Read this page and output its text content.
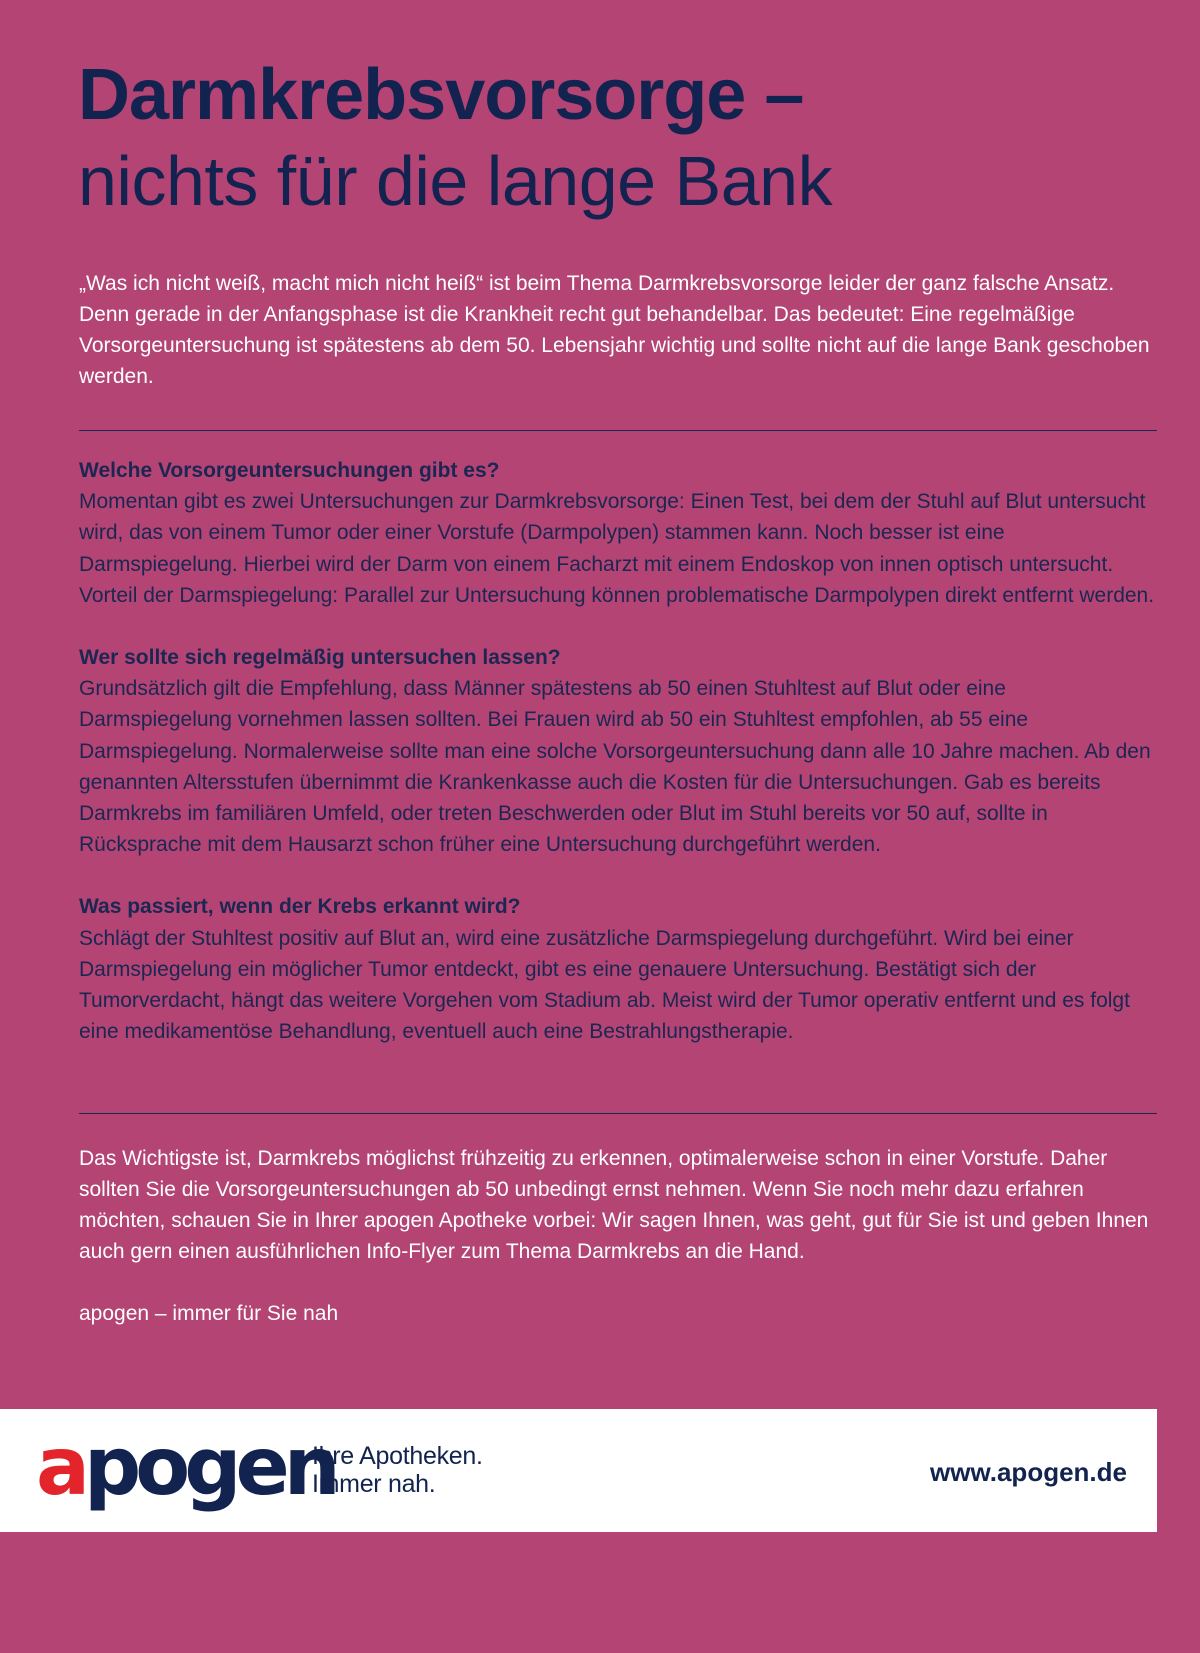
Darmkrebsvorsorge –
nichts für die lange Bank

„Was ich nicht weiß, macht mich nicht heiß“ ist beim Thema Darmkrebsvorsorge leider der ganz falsche Ansatz. Denn gerade in der Anfangsphase ist die Krankheit recht gut behandelbar. Das bedeutet: Eine regelmäßige Vorsorgeuntersuchung ist spätestens ab dem 50. Lebensjahr wichtig und sollte nicht auf die lange Bank geschoben werden.

Welche Vorsorgeuntersuchungen gibt es?

Momentan gibt es zwei Untersuchungen zur Darmkrebsvorsorge: Einen Test, bei dem der Stuhl auf Blut untersucht wird, das von einem Tumor oder einer Vorstufe (Darmpolypen) stammen kann. Noch besser ist eine Darmspiegelung. Hierbei wird der Darm von einem Facharzt mit einem Endoskop von innen optisch untersucht. Vorteil der Darmspiegelung: Parallel zur Untersuchung können problematische Darmpolypen direkt entfernt werden.

Wer sollte sich regelmäßig untersuchen lassen?

Grundsätzlich gilt die Empfehlung, dass Männer spätestens ab 50 einen Stuhltest auf Blut oder eine Darmspiegelung vornehmen lassen sollten. Bei Frauen wird ab 50 ein Stuhltest empfohlen, ab 55 eine Darmspiegelung. Normalerweise sollte man eine solche Vorsorgeuntersuchung dann alle 10 Jahre machen. Ab den genannten Altersstufen übernimmt die Krankenkasse auch die Kosten für die Untersuchungen. Gab es bereits Darmkrebs im familiären Umfeld, oder treten Beschwerden oder Blut im Stuhl bereits vor 50 auf, sollte in Rücksprache mit dem Hausarzt schon früher eine Untersuchung durchgeführt werden.

Was passiert, wenn der Krebs erkannt wird?

Schlägt der Stuhltest positiv auf Blut an, wird eine zusätzliche Darmspiegelung durchgeführt. Wird bei einer Darmspiegelung ein möglicher Tumor entdeckt, gibt es eine genauere Untersuchung. Bestätigt sich der Tumorverdacht, hängt das weitere Vorgehen vom Stadium ab. Meist wird der Tumor operativ entfernt und es folgt eine medikamentöse Behandlung, eventuell auch eine Bestrahlungstherapie.

Das Wichtigste ist, Darmkrebs möglichst frühzeitig zu erkennen, optimalerweise schon in einer Vorstufe. Daher sollten Sie die Vorsorgeuntersuchungen ab 50 unbedingt ernst nehmen. Wenn Sie noch mehr dazu erfahren möchten, schauen Sie in Ihrer apogen Apotheke vorbei: Wir sagen Ihnen, was geht, gut für Sie ist und geben Ihnen auch gern einen ausführlichen Info-Flyer zum Thema Darmkrebs an die Hand.

apogen – immer für Sie nah

apogen
Ihre Apotheken.
Immer nah.	www.apogen.de
